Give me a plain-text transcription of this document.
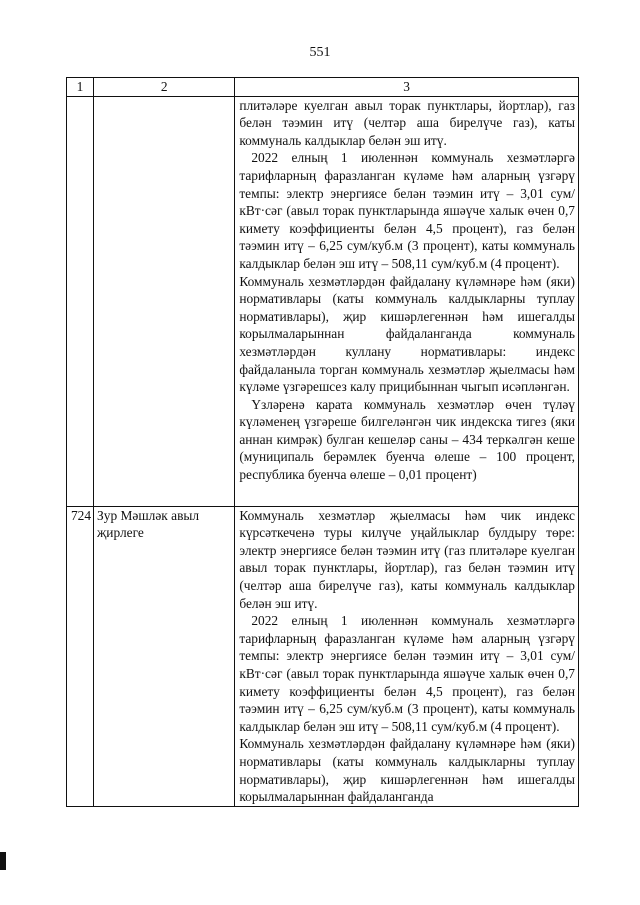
551
1	2	3

		плитәләре куелган авыл торак пунктлары, йортлар), газ белән тәэмин итү (чeлтәр аша бирелүче газ), каты коммуналь калдыклар белән эш итү.

2022 елның 1 июленнән коммуналь хезмәтләргә тарифларның фаразланган күләме һәм аларның үзгәрү темпы: электр энергиясе белән тәэмин итү – 3,01 сум/кВт·сәг (авыл торак пунктларында яшәүче халык өчен 0,7 кимету коэффициенты белән 4,5 процент), газ белән тәэмин итү – 6,25 сум/куб.м (3 процент), каты коммуналь калдыклар белән эш итү – 508,11 сум/куб.м (4 процент).

Коммуналь хезмәтләрдән файдалану күләмнәре һәм (яки) нормативлары (каты коммуналь калдыкларны туплау нормативлары), җир кишәрлегеннән һәм ишегалды корылмаларыннан файдаланганда коммуналь хезмәтләрдән куллану нормативлары: индекс файдаланыла торган коммуналь хезмәтләр җыелмасы һәм күләме үзгәрешсез калу прицибыннан чыгып исәпләнгән.

Үзләренә карата коммуналь хезмәтләр өчен түләү күләменең үзгәреше билгеләнгән чик индекска тигез (яки аннан кимрәк) булган кешеләр саны – 434 теркәлгән кеше (муниципаль берәмлек буенча өлеше – 100 процент, республика буенча өлеше – 0,01 процент)

724	Зур Мәшләк авыл җирлеге	Коммуналь хезмәтләр җыелмасы һәм чик индекс күрсәткеченә туры килүче уңайлыклар булдыру төре: электр энергиясе белән тәэмин итү (газ плитәләре куелган авыл торак пунктлары, йортлар), газ белән тәэмин итү (чeлтәр аша бирелүче газ), каты коммуналь калдыклар белән эш итү.

2022 елның 1 июленнән коммуналь хезмәтләргә тарифларның фаразланган күләме һәм аларның үзгәрү темпы: электр энергиясе белән тәэмин итү – 3,01 сум/кВт·сәг (авыл торак пунктларында яшәүче халык өчен 0,7 кимету коэффициенты белән 4,5 процент), газ белән тәэмин итү – 6,25 сум/куб.м (3 процент), каты коммуналь калдыклар белән эш итү – 508,11 сум/куб.м (4 процент).

Коммуналь хезмәтләрдән файдалану күләмнәре һәм (яки) нормативлары (каты коммуналь калдыкларны туплау нормативлары), җир кишәрлегеннән һәм ишегалды корылмаларыннан файдаланганда
